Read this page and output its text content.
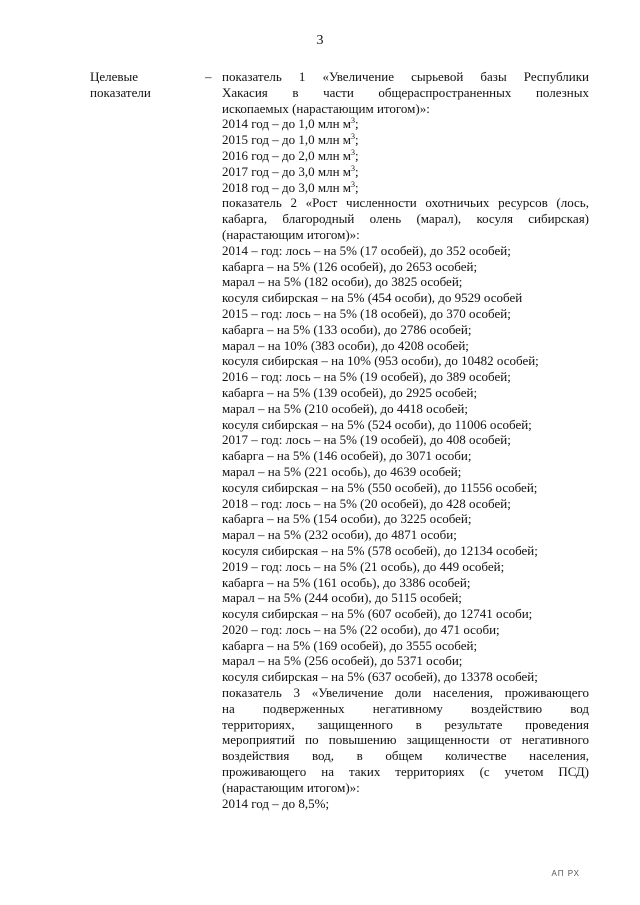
3
Целевые
показатели
– показатель 1 «Увеличение сырьевой базы Республики
Хакасия в части общераспространенных полезных
ископаемых (нарастающим итогом)»:
2014 год – до 1,0 млн $м^3$;
2015 год – до 1,0 млн $м^3$;
2016 год – до 2,0 млн $м^3$;
2017 год – до 3,0 млн $м^3$;
2018 год – до 3,0 млн $м^3$;
показатель 2 «Рост численности охотничьих ресурсов (лось,
кабарга, благородный олень (марал), косуля сибирская)
(нарастающим итогом)»:
2014 – год: лось – на 5% (17 особей), до 352 особей;
кабарга – на 5% (126 особей), до 2653 особей;
марал – на 5% (182 особи), до 3825 особей;
косуля сибирская – на 5% (454 особи), до 9529 особей
2015 – год: лось – на 5% (18 особей), до 370 особей;
кабарга – на 5% (133 особи), до 2786 особей;
марал – на 10% (383 особи), до 4208 особей;
косуля сибирская – на 10% (953 особи), до 10482 особей;
2016 – год: лось – на 5% (19 особей), до 389 особей;
кабарга – на 5% (139 особей), до 2925 особей;
марал – на 5% (210 особей), до 4418 особей;
косуля сибирская – на 5% (524 особи), до 11006 особей;
2017 – год: лось – на 5% (19 особей), до 408 особей;
кабарга – на 5% (146 особей), до 3071 особи;
марал – на 5% (221 особь), до 4639 особей;
косуля сибирская – на 5% (550 особей), до 11556 особей;
2018 – год: лось – на 5% (20 особей), до 428 особей;
кабарга – на 5% (154 особи), до 3225 особей;
марал – на 5% (232 особи), до 4871 особи;
косуля сибирская – на 5% (578 особей), до 12134 особей;
2019 – год: лось – на 5% (21 особь), до 449 особей;
кабарга – на 5% (161 особь), до 3386 особей;
марал – на 5% (244 особи), до 5115 особей;
косуля сибирская – на 5% (607 особей), до 12741 особи;
2020 – год: лось – на 5% (22 особи), до 471 особи;
кабарга – на 5% (169 особей), до 3555 особей;
марал – на 5% (256 особей), до 5371 особи;
косуля сибирская – на 5% (637 особей), до 13378 особей;
показатель 3 «Увеличение доли населения, проживающего
на подверженных негативному воздействию вод
территориях, защищенного в результате проведения
мероприятий по повышению защищенности от негативного
воздействия вод, в общем количестве населения,
проживающего на таких территориях (с учетом ПСД)
(нарастающим итогом)»:
2014 год – до 8,5%;
АП РХ
